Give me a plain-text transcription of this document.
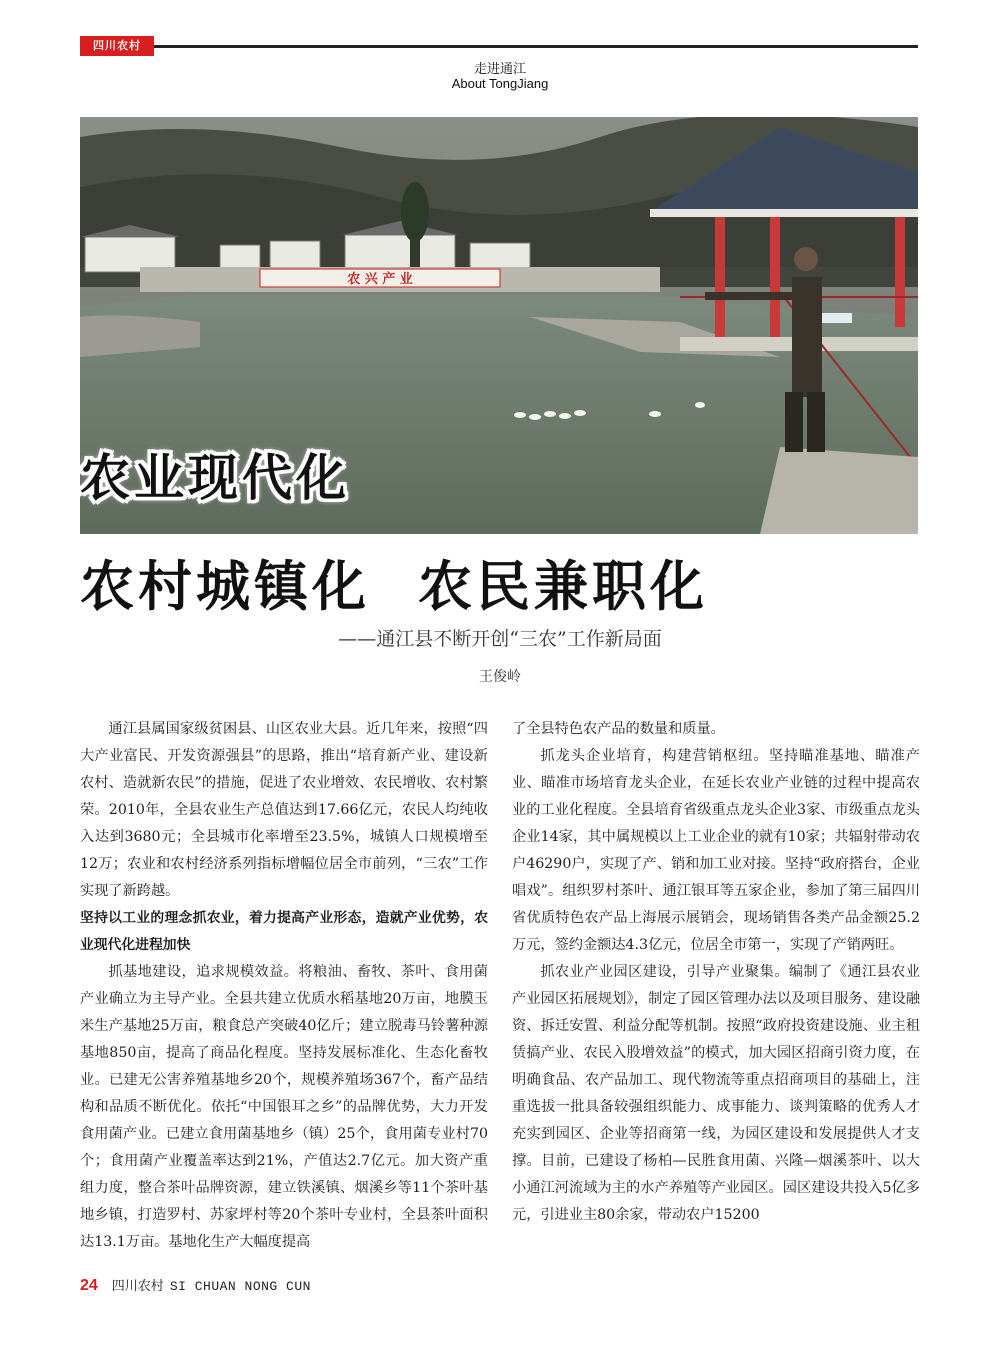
四川农村
走进通江
About TongJiang
农 兴 产 业
农业现代化
农村城镇化 农民兼职化
——通江县不断开创“三农”工作新局面
王俊岭

通江县属国家级贫困县、山区农业大县。近几年来，按照“四大产业富民、开发资源强县”的思路，推出“培育新产业、建设新农村、造就新农民”的措施，促进了农业增效、农民增收、农村繁荣。2010年，全县农业生产总值达到17.66亿元，农民人均纯收入达到3680元；全县城市化率增至23.5%，城镇人口规模增至12万；农业和农村经济系列指标增幅位居全市前列，“三农”工作实现了新跨越。

坚持以工业的理念抓农业，着力提高产业形态，造就产业优势，农业现代化进程加快

抓基地建设，追求规模效益。将粮油、畜牧、茶叶、食用菌产业确立为主导产业。全县共建立优质水稻基地20万亩，地膜玉米生产基地25万亩，粮食总产突破40亿斤；建立脱毒马铃薯种源基地850亩，提高了商品化程度。坚持发展标准化、生态化畜牧业。已建无公害养殖基地乡20个，规模养殖场367个，畜产品结构和品质不断优化。依托“中国银耳之乡”的品牌优势，大力开发食用菌产业。已建立食用菌基地乡（镇）25个，食用菌专业村70个；食用菌产业覆盖率达到21%，产值达2.7亿元。加大资产重组力度，整合茶叶品牌资源，建立铁溪镇、烟溪乡等11个茶叶基地乡镇，打造罗村、苏家坪村等20个茶叶专业村，全县茶叶面积达13.1万亩。基地化生产大幅度提高

了全县特色农产品的数量和质量。

抓龙头企业培育，构建营销枢纽。坚持瞄准基地、瞄准产业、瞄准市场培育龙头企业，在延长农业产业链的过程中提高农业的工业化程度。全县培育省级重点龙头企业3家、市级重点龙头企业14家，其中属规模以上工业企业的就有10家；共辐射带动农户46290户，实现了产、销和加工业对接。坚持“政府搭台，企业唱戏”。组织罗村茶叶、通江银耳等五家企业，参加了第三届四川省优质特色农产品上海展示展销会，现场销售各类产品金额25.2万元，签约金额达4.3亿元，位居全市第一，实现了产销两旺。

抓农业产业园区建设，引导产业聚集。编制了《通江县农业产业园区拓展规划》，制定了园区管理办法以及项目服务、建设融资、拆迁安置、利益分配等机制。按照“政府投资建设施、业主租赁搞产业、农民入股增效益”的模式，加大园区招商引资力度，在明确食品、农产品加工、现代物流等重点招商项目的基础上，注重选拔一批具备较强组织能力、成事能力、谈判策略的优秀人才充实到园区、企业等招商第一线，为园区建设和发展提供人才支撑。目前，已建设了杨柏—民胜食用菌、兴隆—烟溪茶叶、以大小通江河流域为主的水产养殖等产业园区。园区建设共投入5亿多元，引进业主80余家，带动农户15200

24 四川农村 SI CHUAN NONG CUN
